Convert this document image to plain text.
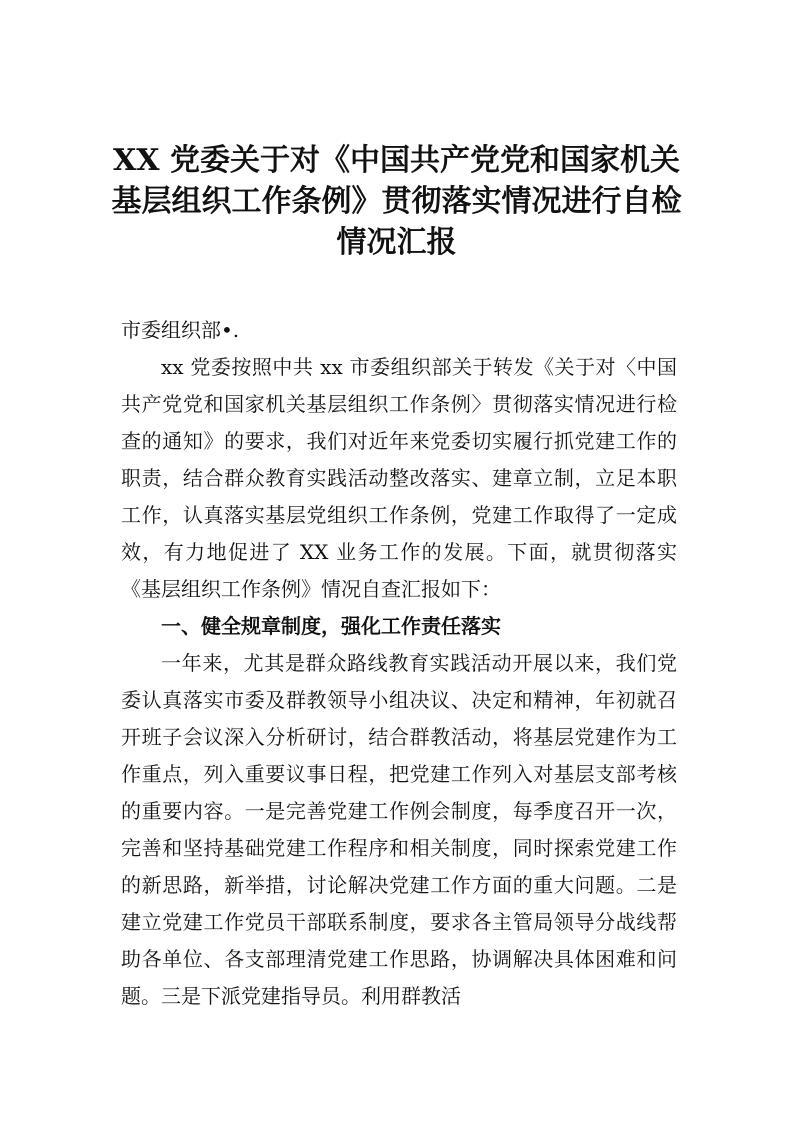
XX 党委关于对《中国共产党党和国家机关
基层组织工作条例》贯彻落实情况进行自检
情况汇报
市委组织部•.

xx 党委按照中共 xx 市委组织部关于转发《关于对〈中国共产党党和国家机关基层组织工作条例〉贯彻落实情况进行检查的通知》的要求，我们对近年来党委切实履行抓党建工作的职责，结合群众教育实践活动整改落实、建章立制，立足本职工作，认真落实基层党组织工作条例，党建工作取得了一定成效，有力地促进了 XX 业务工作的发展。下面，就贯彻落实《基层组织工作条例》情况自查汇报如下：

一、健全规章制度，强化工作责任落实

一年来，尤其是群众路线教育实践活动开展以来，我们党委认真落实市委及群教领导小组决议、决定和精神，年初就召开班子会议深入分析研讨，结合群教活动，将基层党建作为工作重点，列入重要议事日程，把党建工作列入对基层支部考核的重要内容。一是完善党建工作例会制度，每季度召开一次，完善和坚持基础党建工作程序和相关制度，同时探索党建工作的新思路，新举措，讨论解决党建工作方面的重大问题。二是建立党建工作党员干部联系制度，要求各主管局领导分战线帮助各单位、各支部理清党建工作思路，协调解决具体困难和问题。三是下派党建指导员。利用群教活
